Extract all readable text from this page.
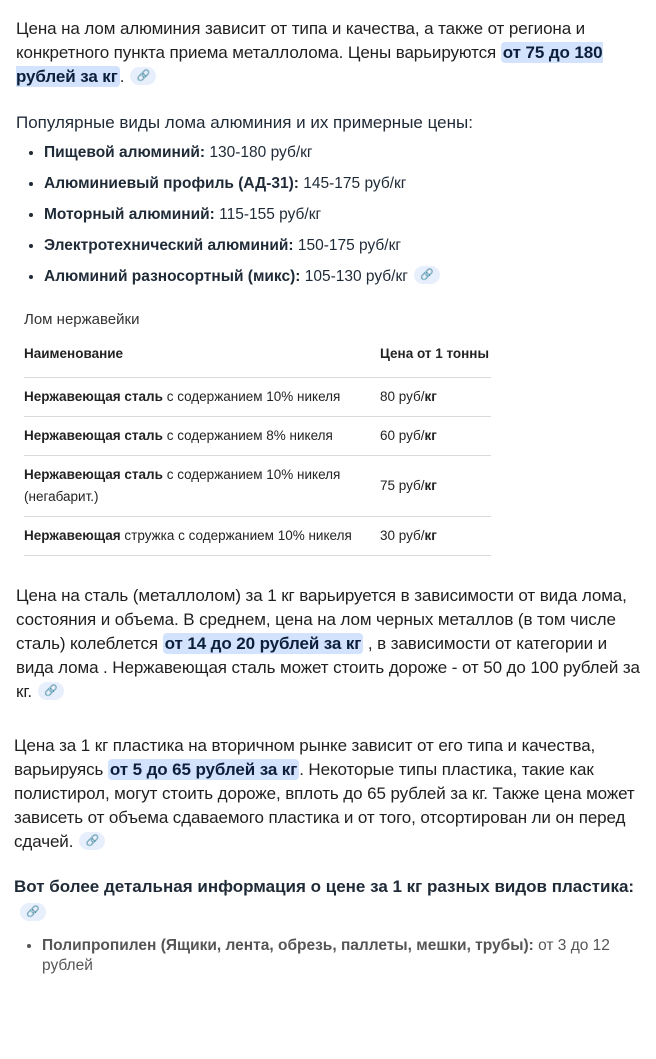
Цена на лом алюминия зависит от типа и качества, а также от региона и конкретного пункта приема металлолома. Цены варьируются от 75 до 180 рублей за кг . 🔗

Популярные виды лома алюминия и их примерные цены:
• Пищевой алюминий: 130-180 руб/кг
• Алюминиевый профиль (АД-31): 145-175 руб/кг
• Моторный алюминий: 115-155 руб/кг
• Электротехнический алюминий: 150-175 руб/кг
• Алюминий разносортный (микс): 105-130 руб/кг 🔗

Лом нержавейки

Наименование	Цена от 1 тонны
Нержавеющая сталь с содержанием 10% никеля	80 руб/кг
Нержавеющая сталь с содержанием 8% никеля	60 руб/кг
Нержавеющая сталь с содержанием 10% никеля (негабарит.)	75 руб/кг
Нержавеющая стружка с содержанием 10% никеля	30 руб/кг

Цена на сталь (металлолом) за 1 кг варьируется в зависимости от вида лома, состояния и объема. В среднем, цена на лом черных металлов (в том числе сталь) колеблется от 14 до 20 рублей за кг , в зависимости от категории и вида лома . Нержавеющая сталь может стоить дороже - от 50 до 100 рублей за кг. 🔗

Цена за 1 кг пластика на вторичном рынке зависит от его типа и качества, варьируясь от 5 до 65 рублей за кг . Некоторые типы пластика, такие как полистирол, могут стоить дороже, вплоть до 65 рублей за кг. Также цена может зависеть от объема сдаваемого пластика и от того, отсортирован ли он перед сдачей. 🔗

Вот более детальная информация о цене за 1 кг разных видов пластика:🔗

• Полипропилен (Ящики, лента, обрезь, паллеты, мешки, трубы): от 3 до 12 рублей
